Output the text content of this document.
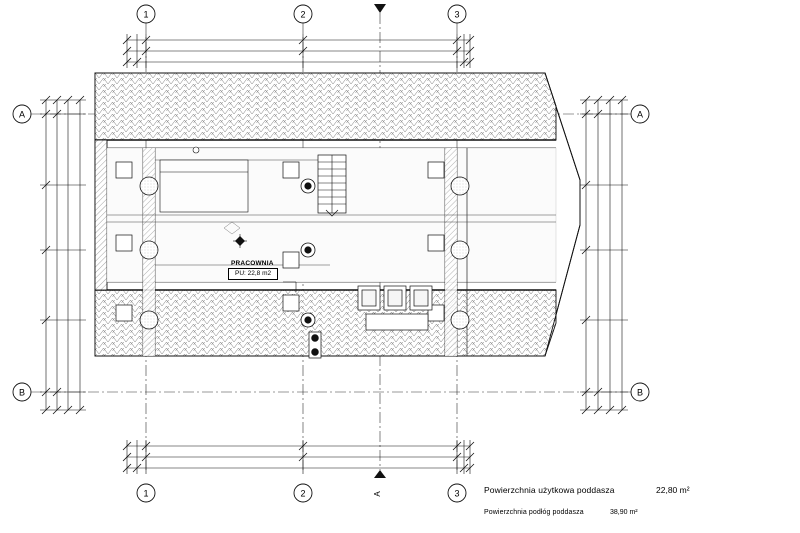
1	2	3
A
B
A
B
1	2	3
A
PRACOWNIA
PU: 22,8 m2
Powierzchnia użytkowa poddasza	22,80 m²
Powierzchnia podłóg poddasza	38,90 m²
